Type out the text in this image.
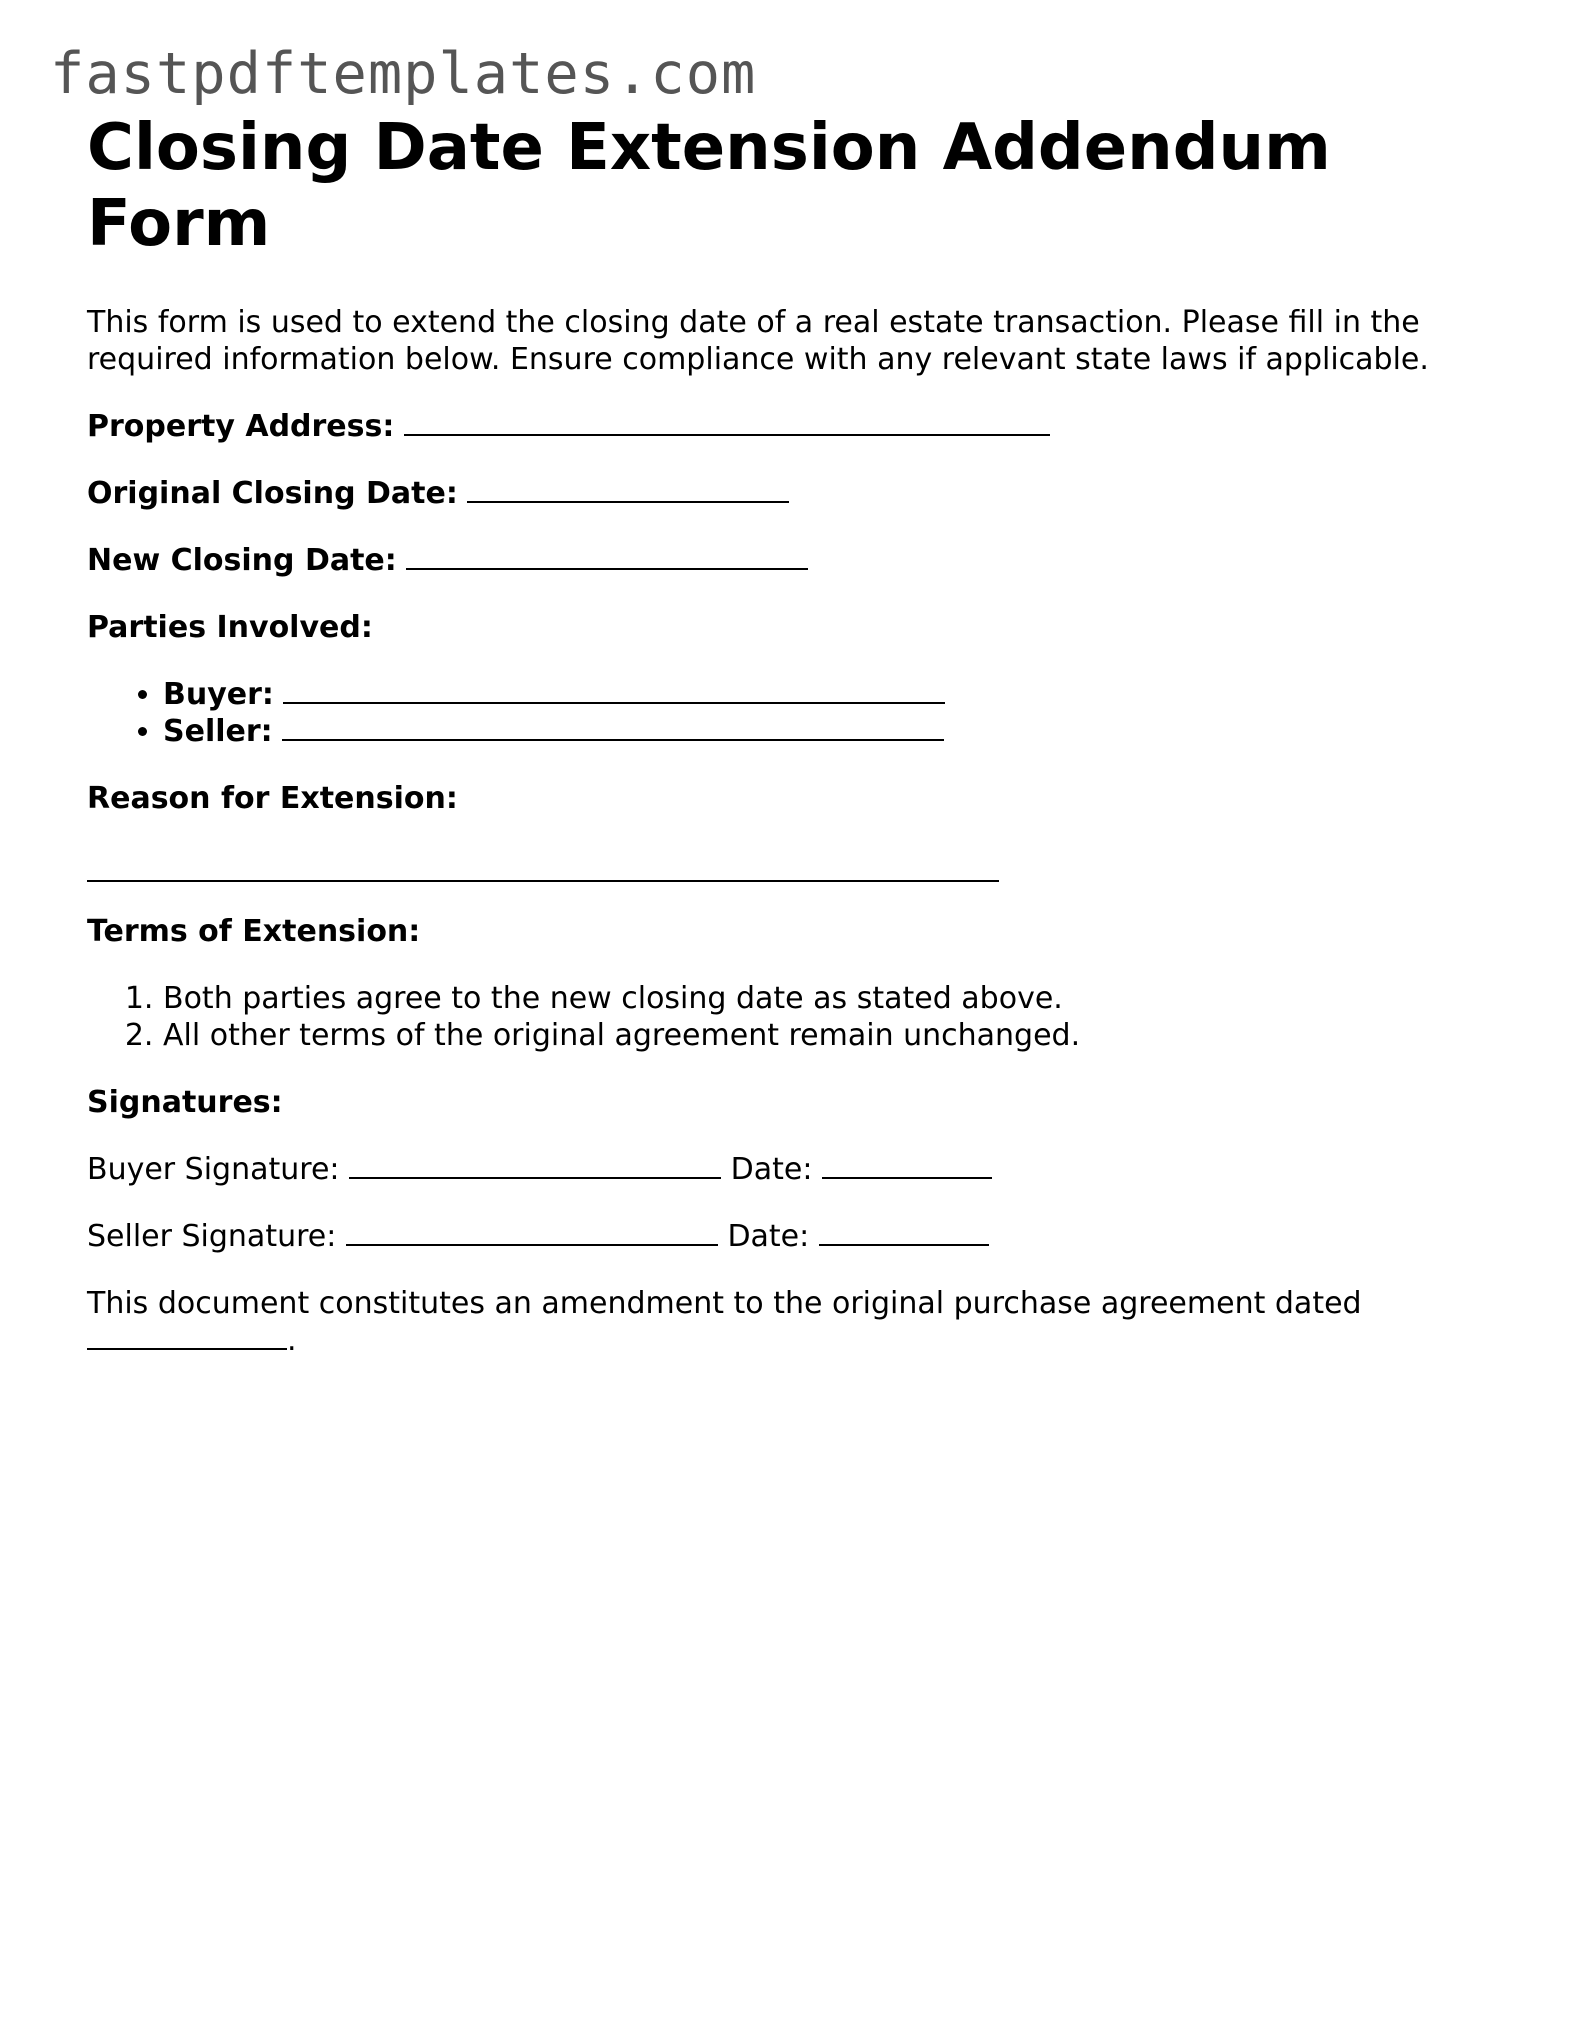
fastpdftemplates.com
Closing Date Extension Addendum Form

This form is used to extend the closing date of a real estate transaction. Please fill in the required information below. Ensure compliance with any relevant state laws if applicable.

Property Address:

Original Closing Date:

New Closing Date:

Parties Involved:

• Buyer:
• Seller:

Reason for Extension:

Terms of Extension:

1. Both parties agree to the new closing date as stated above.
2. All other terms of the original agreement remain unchanged.

Signatures:

Buyer Signature:	Date:

Seller Signature:	Date:

This document constitutes an amendment to the original purchase agreement dated
.
